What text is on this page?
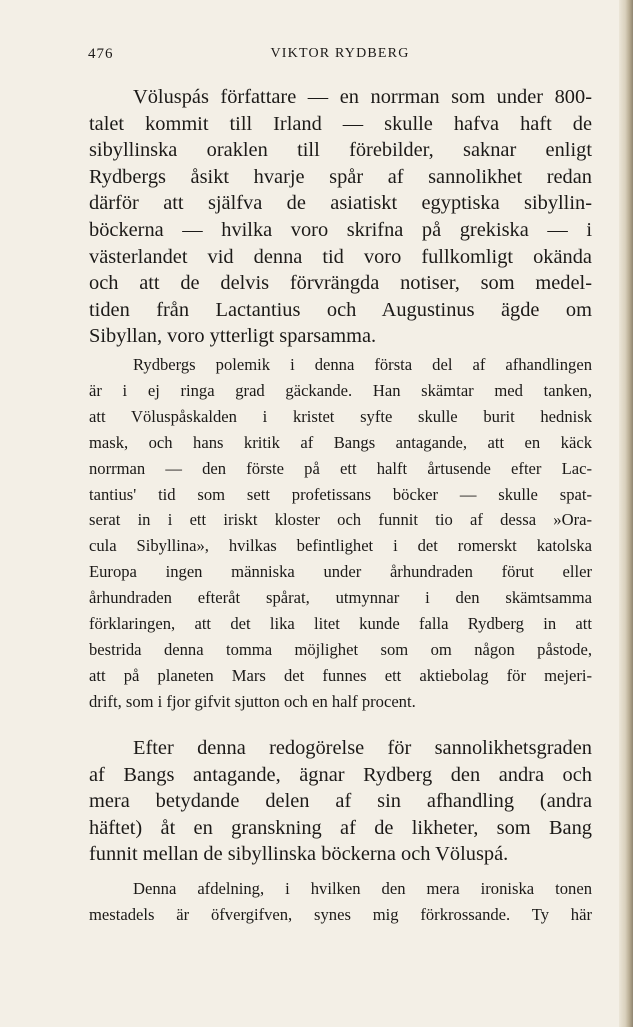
476	VIKTOR RYDBERG
Völuspás författare — en norrman som under 800-
talet kommit till Irland — skulle hafva haft de
sibyllinska oraklen till förebilder, saknar enligt
Rydbergs åsikt hvarje spår af sannolikhet redan
därför att själfva de asiatiskt egyptiska sibyllin-
böckerna — hvilka voro skrifna på grekiska — i
västerlandet vid denna tid voro fullkomligt okända
och att de delvis förvrängda notiser, som medel-
tiden från Lactantius och Augustinus ägde om
Sibyllan, voro ytterligt sparsamma.
Rydbergs polemik i denna första del af afhandlingen
är i ej ringa grad gäckande. Han skämtar med tanken,
att Völuspåskalden i kristet syfte skulle burit hednisk
mask, och hans kritik af Bangs antagande, att en käck
norrman — den förste på ett halft årtusende efter Lac-
tantius' tid som sett profetissans böcker — skulle spat-
serat in i ett iriskt kloster och funnit tio af dessa »Ora-
cula Sibyllina», hvilkas befintlighet i det romerskt katolska
Europa ingen människa under århundraden förut eller
århundraden efteråt spårat, utmynnar i den skämtsamma
förklaringen, att det lika litet kunde falla Rydberg in att
bestrida denna tomma möjlighet som om någon påstode,
att på planeten Mars det funnes ett aktiebolag för mejeri-
drift, som i fjor gifvit sjutton och en half procent.
Efter denna redogörelse för sannolikhetsgraden
af Bangs antagande, ägnar Rydberg den andra och
mera betydande delen af sin afhandling (andra
häftet) åt en granskning af de likheter, som Bang
funnit mellan de sibyllinska böckerna och Völuspá.
Denna afdelning, i hvilken den mera ironiska tonen
mestadels är öfvergifven, synes mig förkrossande. Ty här
